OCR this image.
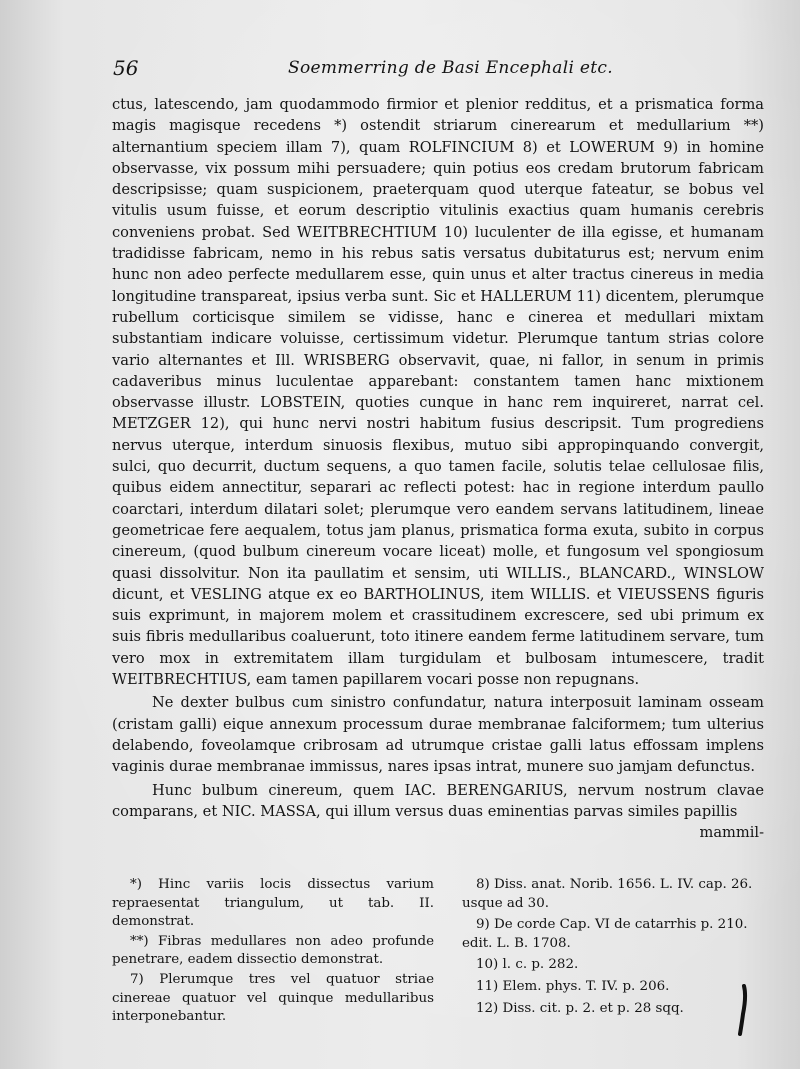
56	Soemmerring de Basi Encephali etc.

ctus, latescendo, jam quodammodo firmior et plenior redditus, et a prismatica forma magis magisque recedens *) ostendit striarum cinerearum et medullarium **) alternantium speciem illam 7), quam ROLFINCIUM 8) et LOWERUM 9) in homine observasse, vix possum mihi persuadere; quin potius eos credam brutorum fabricam descripsisse; quam suspicionem, praeterquam quod uterque fateatur, se bobus vel vitulis usum fuisse, et eorum descriptio vitulinis exactius quam humanis cerebris conveniens probat. Sed WEITBRECHTIUM 10) luculenter de illa egisse, et humanam tradidisse fabricam, nemo in his rebus satis versatus dubitaturus est; nervum enim hunc non adeo perfecte medullarem esse, quin unus et alter tractus cinereus in media longitudine transpareat, ipsius verba sunt. Sic et HALLERUM 11) dicentem, plerumque rubellum corticisque similem se vidisse, hanc e cinerea et medullari mixtam substantiam indicare voluisse, certissimum videtur. Plerumque tantum strias colore vario alternantes et Ill. WRISBERG observavit, quae, ni fallor, in senum in primis cadaveribus minus luculentae apparebant: constantem tamen hanc mixtionem observasse illustr. LOBSTEIN, quoties cunque in hanc rem inquireret, narrat cel. METZGER 12), qui hunc nervi nostri habitum fusius descripsit. Tum progrediens nervus uterque, interdum sinuosis flexibus, mutuo sibi appropinquando convergit, sulci, quo decurrit, ductum sequens, a quo tamen facile, solutis telae cellulosae filis, quibus eidem annectitur, separari ac reflecti potest: hac in regione interdum paullo coarctari, interdum dilatari solet; plerumque vero eandem servans latitudinem, lineae geometricae fere aequalem, totus jam planus, prismatica forma exuta, subito in corpus cinereum, (quod bulbum cinereum vocare liceat) molle, et fungosum vel spongiosum quasi dissolvitur. Non ita paullatim et sensim, uti WILLIS., BLANCARD., WINSLOW dicunt, et VESLING atque ex eo BARTHOLINUS, item WILLIS. et VIEUSSENS figuris suis exprimunt, in majorem molem et crassitudinem excrescere, sed ubi primum ex suis fibris medullaribus coaluerunt, toto itinere eandem ferme latitudinem servare, tum vero mox in extremitatem illam turgidulam et bulbosam intumescere, tradit WEITBRECHTIUS, eam tamen papillarem vocari posse non repugnans.

Ne dexter bulbus cum sinistro confundatur, natura interposuit laminam osseam (cristam galli) eique annexum processum durae membranae falciformem; tum ulterius delabendo, foveolamque cribrosam ad utrumque cristae galli latus effossam implens vaginis durae membranae immissus, nares ipsas intrat, munere suo jamjam defunctus.

Hunc bulbum cinereum, quem IAC. BERENGARIUS, nervum nostrum clavae comparans, et NIC. MASSA, qui illum versus duas eminentias parvas similes papillis

mammil-

*) Hinc variis locis dissectus varium repraesentat triangulum, ut tab. II. demonstrat.

**) Fibras medullares non adeo profunde penetrare, eadem dissectio demonstrat.

7) Plerumque tres vel quatuor striae cinereae quatuor vel quinque medullaribus interponebantur.

8) Diss. anat. Norib. 1656. L. IV. cap. 26. usque ad 30.

9) De corde Cap. VI de catarrhis p. 210. edit. L. B. 1708.

10) l. c. p. 282.

11) Elem. phys. T. IV. p. 206.

12) Diss. cit. p. 2. et p. 28 sqq.
